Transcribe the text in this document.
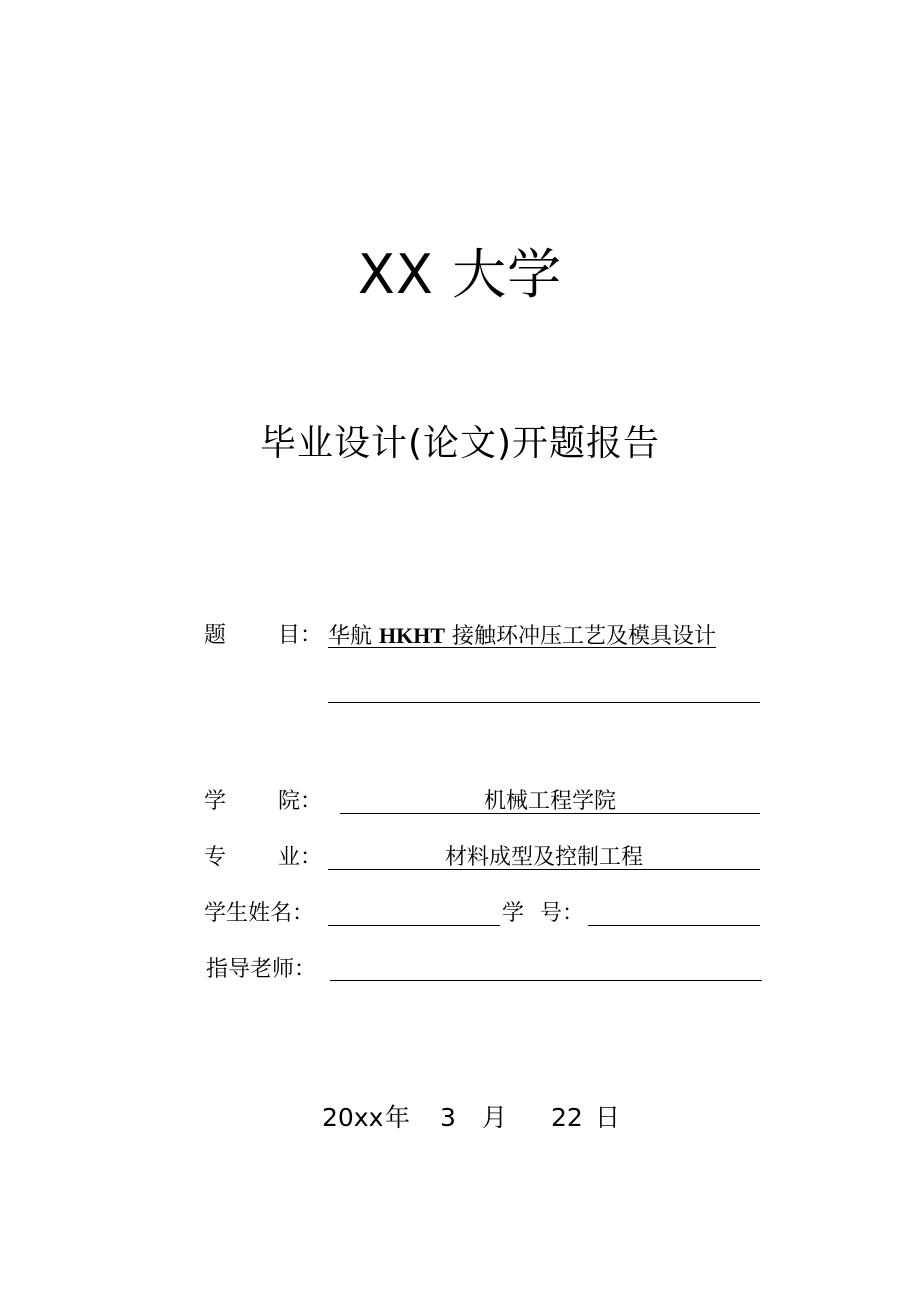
XX 大学
毕业设计(论文)开题报告
题 目： 华航 HKHT 接触环冲压工艺及模具设计
学 院：	机械工程学院
专 业：	材料成型及控制工程
学生姓名：	学 号：
指导老师：
20xx 年 3 月 22 日
